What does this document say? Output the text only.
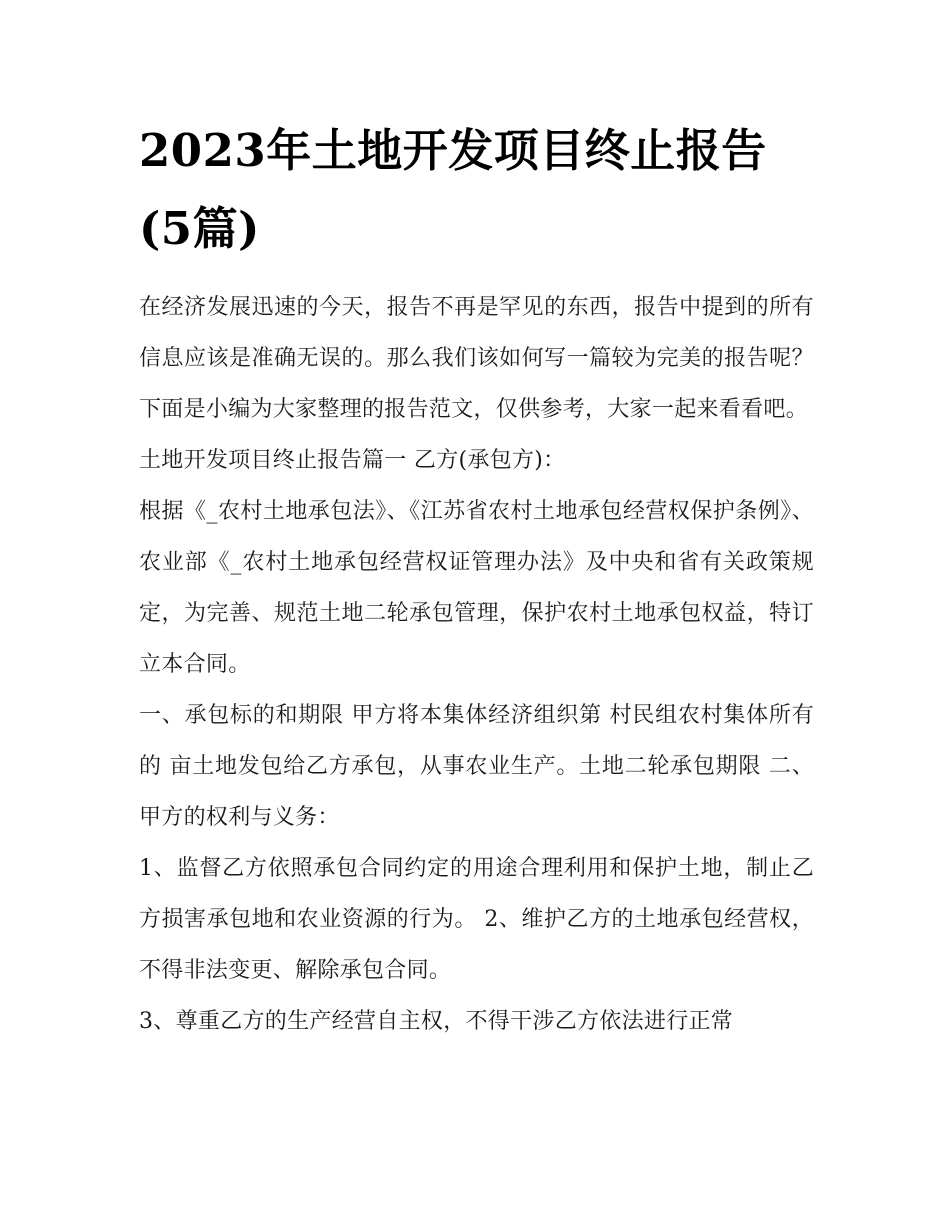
2023年土地开发项目终止报告(5篇)

在经济发展迅速的今天，报告不再是罕见的东西，报告中提到的所有信息应该是准确无误的。那么我们该如何写一篇较为完美的报告呢？下面是小编为大家整理的报告范文，仅供参考，大家一起来看看吧。

土地开发项目终止报告篇一 乙方(承包方)：

根据《_农村土地承包法》、《江苏省农村土地承包经营权保护条例》、农业部《_农村土地承包经营权证管理办法》及中央和省有关政策规定，为完善、规范土地二轮承包管理，保护农村土地承包权益，特订立本合同。

一、承包标的和期限 甲方将本集体经济组织第 村民组农村集体所有的 亩土地发包给乙方承包，从事农业生产。土地二轮承包期限 二、甲方的权利与义务：

1、监督乙方依照承包合同约定的用途合理利用和保护土地，制止乙方损害承包地和农业资源的行为。 2、维护乙方的土地承包经营权，不得非法变更、解除承包合同。

3、尊重乙方的生产经营自主权，不得干涉乙方依法进行正常
